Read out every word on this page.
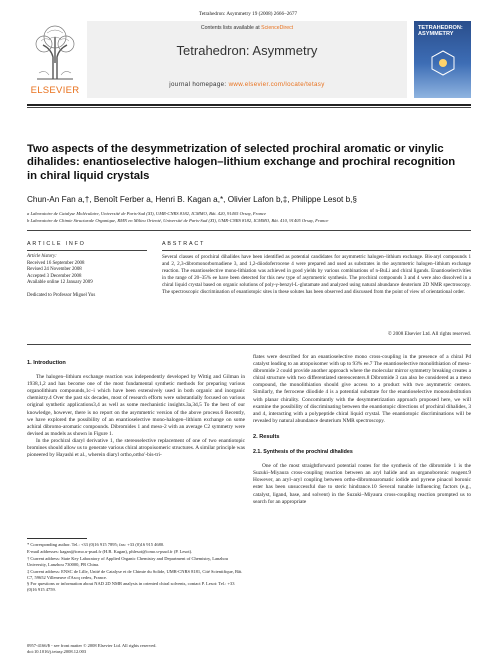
Tetrahedron: Asymmetry 19 (2008) 2666–2677
ELSEVIER
Contents lists available at ScienceDirect
Tetrahedron: Asymmetry
journal homepage: www.elsevier.com/locate/tetasy
TETRAHEDRON:
ASYMMETRY
Two aspects of the desymmetrization of selected prochiral aromatic or vinylic dihalides: enantioselective halogen–lithium exchange and prochiral recognition in chiral liquid crystals
Chun-An Fan a,†, Benoît Ferber a, Henri B. Kagan a,*, Olivier Lafon b,‡, Philippe Lesot b,§
a Laboratoire de Catalyse Moléculaire, Université de Paris-Sud (XI), UMR-CNRS 8182, ICMMO, Bât. 420, 91405 Orsay, France
b Laboratoire de Chimie Structurale Organique, RMN en Milieu Orienté, Université de Paris-Sud (XI), UMR-CNRS 8182, ICMMO, Bât. 410, 91405 Orsay, France
ARTICLE INFO	ABSTRACT
Article history:
Received 16 September 2008
Revised 24 November 2008
Accepted 3 December 2008
Available online 12 January 2009
Dedicated to Professor Miguel Yus
Several classes of prochiral dihalides have been identified as potential candidates for asymmetric halogen–lithium exchange. Bis-aryl compounds 1 and 2, 2,3-dibromonorbornadiene 3, and 1,2-diiodoferrocene 4 were prepared and used as substrates in the asymmetric halogen–lithium exchange reaction. The enantioselective mono-lithiation was achieved in good yields by various combinations of n-BuLi and chiral ligands. Enantioselectivities in the range of 20–35% ee have been detected for this new type of asymmetric synthesis. The prochiral compounds 3 and 4 were also dissolved in a chiral liquid crystal based on organic solutions of poly-γ-benzyl-L-glutamate and analyzed using natural abundance deuterium 2D NMR spectroscopy. The spectroscopic discrimination of enantiotopic sites in these solutes has been observed and discussed from the point of view of orientational order.
© 2008 Elsevier Ltd. All rights reserved.
1. Introduction

The halogen–lithium exchange reaction was independently developed by Wittig and Gilman in 1938,1,2 and has become one of the most fundamental synthetic methods for preparing various organolithium compounds,1c–i which have been extensively used in both organic and inorganic chemistry.4 Over the past six decades, most of research efforts were substantially focused on various original synthetic applications3,4 as well as some mechanistic insights.3a,3d,5 To the best of our knowledge, however, there is no report on the asymmetric version of the above process.6 Recently, we have explored the possibility of an enantioselective mono-halogen–lithium exchange on some achiral dibromo-aromatic compounds. Dibromides 1 and meso-2 with an average C2 symmetry were devised as models as shown in Figure 1.

In the prochiral diaryl derivative 1, the stereoselective replacement of one of two enantiotopic bromines should allow us to generate various chiral atropoisomeric structures. A similar principle was pioneered by Hayashi et al., wherein diaryl ortho,ortho′-bis-tri-

flates were described for an enantioselective mono cross-coupling in the presence of a chiral Pd catalyst leading to an atropoisomer with up to 93% ee.7 The enantioselective monolithiation of meso-dibromide 2 could provide another approach where the molecular mirror symmetry breaking creates a chiral structure with two differentiated stereocenters.8 Dibromide 3 can also be considered as a meso compound, the monolithiation should give access to a product with two asymmetric centers. Similarly, the ferrocene diiodide 4 is a potential substrate for the enantioselective monosubstitution with planar chirality. Concomitantly with the desymmetrization approach proposed here, we will examine the possibility of discriminating between the enantiotopic directions of prochiral dihalides, 3 and 4, interacting with a polypeptide chiral liquid crystal. The enantiotopic discriminations will be revealed by natural abundance deuterium NMR spectroscopy.

2. Results
2.1. Synthesis of the prochiral dihalides

One of the most straightforward potential routes for the synthesis of the dibromide 1 is the Suzuki–Miyaura cross-coupling reaction between an aryl halide and an organoboronic reagent.9 However, an aryl–aryl coupling between ortho-dibromoaromatic iodide and pyrene pinacol boronic ester has been unsuccessful due to steric hindrance.10 Several tunable influencing factors (e.g., catalyst, ligand, base, and solvent) in the Suzuki–Miyaura cross-coupling reaction prompted us to search for an appropriate

* Corresponding author. Tel.: +33 (0)16 915 7895; fax: +33 (0)16 915 4680.

E-mail addresses: kagan@icmo.u-psud.fr (H.B. Kagan), phlesot@icmo.u-psud.fr (P. Lesot).

† Current address: State Key Laboratory of Applied Organic Chemistry and Department of Chemistry, Lanzhou University, Lanzhou 730000, PR China.

‡ Current address: ENSC de Lille, Unité de Catalyse et de Chimie du Solide, UMR-CNRS 8181, Cité Scientifique, Bât. C7, 59652 Villeneuve d'Ascq cedex, France.

§ For questions or information about NAD 2D NMR analysis in oriented chiral solvents, contact P. Lesot: Tel.: +33 (0)16 915 4759.

0957-4166/$ - see front matter © 2008 Elsevier Ltd. All rights reserved.
doi:10.1016/j.tetasy.2008.12.003
